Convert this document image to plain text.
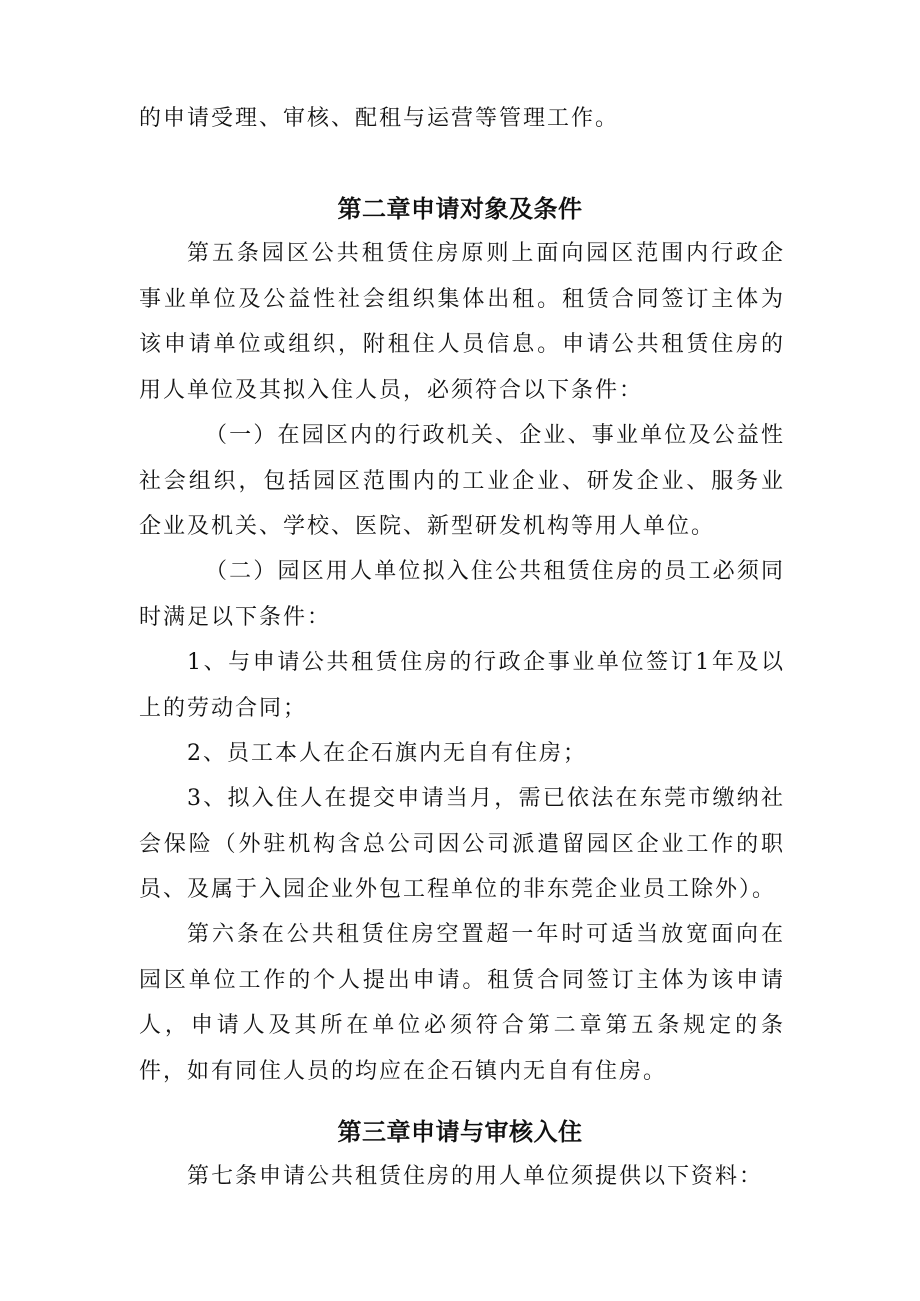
的申请受理、审核、配租与运营等管理工作。

第二章申请对象及条件

第五条园区公共租赁住房原则上面向园区范围内行政企事业单位及公益性社会组织集体出租。租赁合同签订主体为该申请单位或组织，附租住人员信息。申请公共租赁住房的用人单位及其拟入住人员，必须符合以下条件：

（一）在园区内的行政机关、企业、事业单位及公益性社会组织，包括园区范围内的工业企业、研发企业、服务业企业及机关、学校、医院、新型研发机构等用人单位。

（二）园区用人单位拟入住公共租赁住房的员工必须同时满足以下条件：

1、与申请公共租赁住房的行政企事业单位签订1年及以上的劳动合同；

2、员工本人在企石旗内无自有住房；

3、拟入住人在提交申请当月，需已依法在东莞市缴纳社会保险（外驻机构含总公司因公司派遣留园区企业工作的职员、及属于入园企业外包工程单位的非东莞企业员工除外）。

第六条在公共租赁住房空置超一年时可适当放宽面向在园区单位工作的个人提出申请。租赁合同签订主体为该申请人，申请人及其所在单位必须符合第二章第五条规定的条件，如有同住人员的均应在企石镇内无自有住房。

第三章申请与审核入住

第七条申请公共租赁住房的用人单位须提供以下资料：
